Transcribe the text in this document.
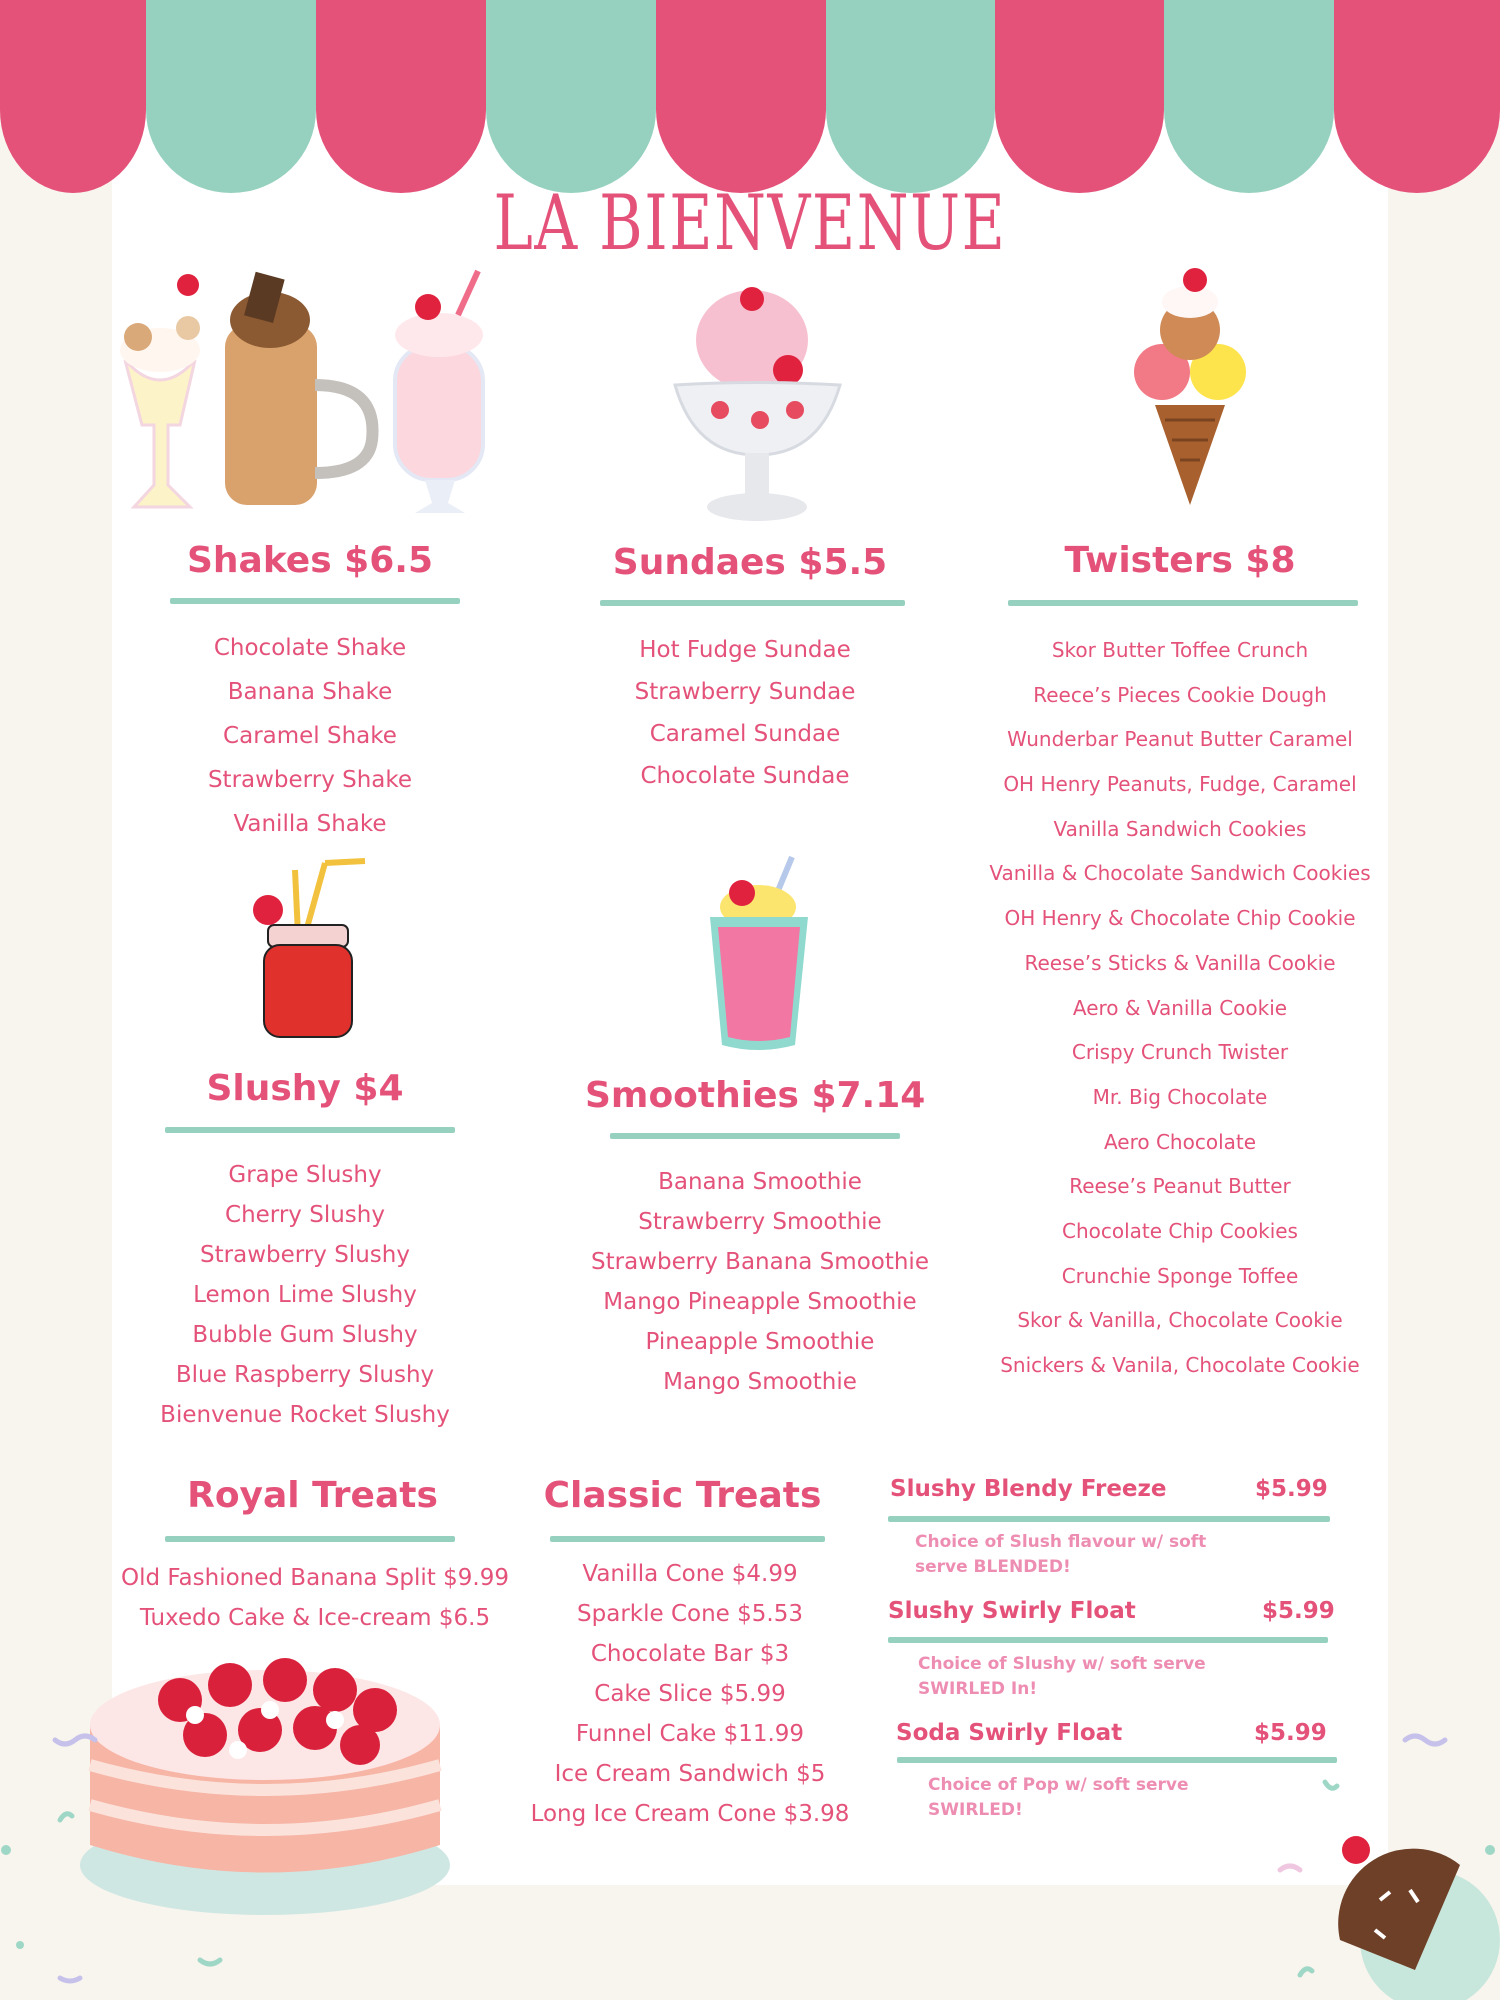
LA BIENVENUE
Shakes $6.5
Chocolate Shake
Banana Shake
Caramel Shake
Strawberry Shake
Vanilla Shake
Sundaes $5.5
Hot Fudge Sundae
Strawberry Sundae
Caramel Sundae
Chocolate Sundae
Twisters $8
Skor Butter Toffee Crunch
Reece’s Pieces Cookie Dough
Wunderbar Peanut Butter Caramel
OH Henry Peanuts, Fudge, Caramel
Vanilla Sandwich Cookies
Vanilla & Chocolate Sandwich Cookies
OH Henry & Chocolate Chip Cookie
Reese’s Sticks & Vanilla Cookie
Aero & Vanilla Cookie
Crispy Crunch Twister
Mr. Big Chocolate
Aero Chocolate
Reese’s Peanut Butter
Chocolate Chip Cookies
Crunchie Sponge Toffee
Skor & Vanilla, Chocolate Cookie
Snickers & Vanila, Chocolate Cookie
Slushy $4
Grape Slushy
Cherry Slushy
Strawberry Slushy
Lemon Lime Slushy
Bubble Gum Slushy
Blue Raspberry Slushy
Bienvenue Rocket Slushy
Smoothies $7.14
Banana Smoothie
Strawberry Smoothie
Strawberry Banana Smoothie
Mango Pineapple Smoothie
Pineapple Smoothie
Mango Smoothie
Royal Treats
Old Fashioned Banana Split $9.99
Tuxedo Cake & Ice-cream $6.5
Classic Treats
Vanilla Cone $4.99
Sparkle Cone $5.53
Chocolate Bar $3
Cake Slice $5.99
Funnel Cake $11.99
Ice Cream Sandwich $5
Long Ice Cream Cone $3.98
Slushy Blendy Freeze	$5.99
Choice of Slush flavour w/ soft serve BLENDED!
Slushy Swirly Float	$5.99
Choice of Slushy w/ soft serve SWIRLED In!
Soda Swirly Float	$5.99
Choice of Pop w/ soft serve SWIRLED!
